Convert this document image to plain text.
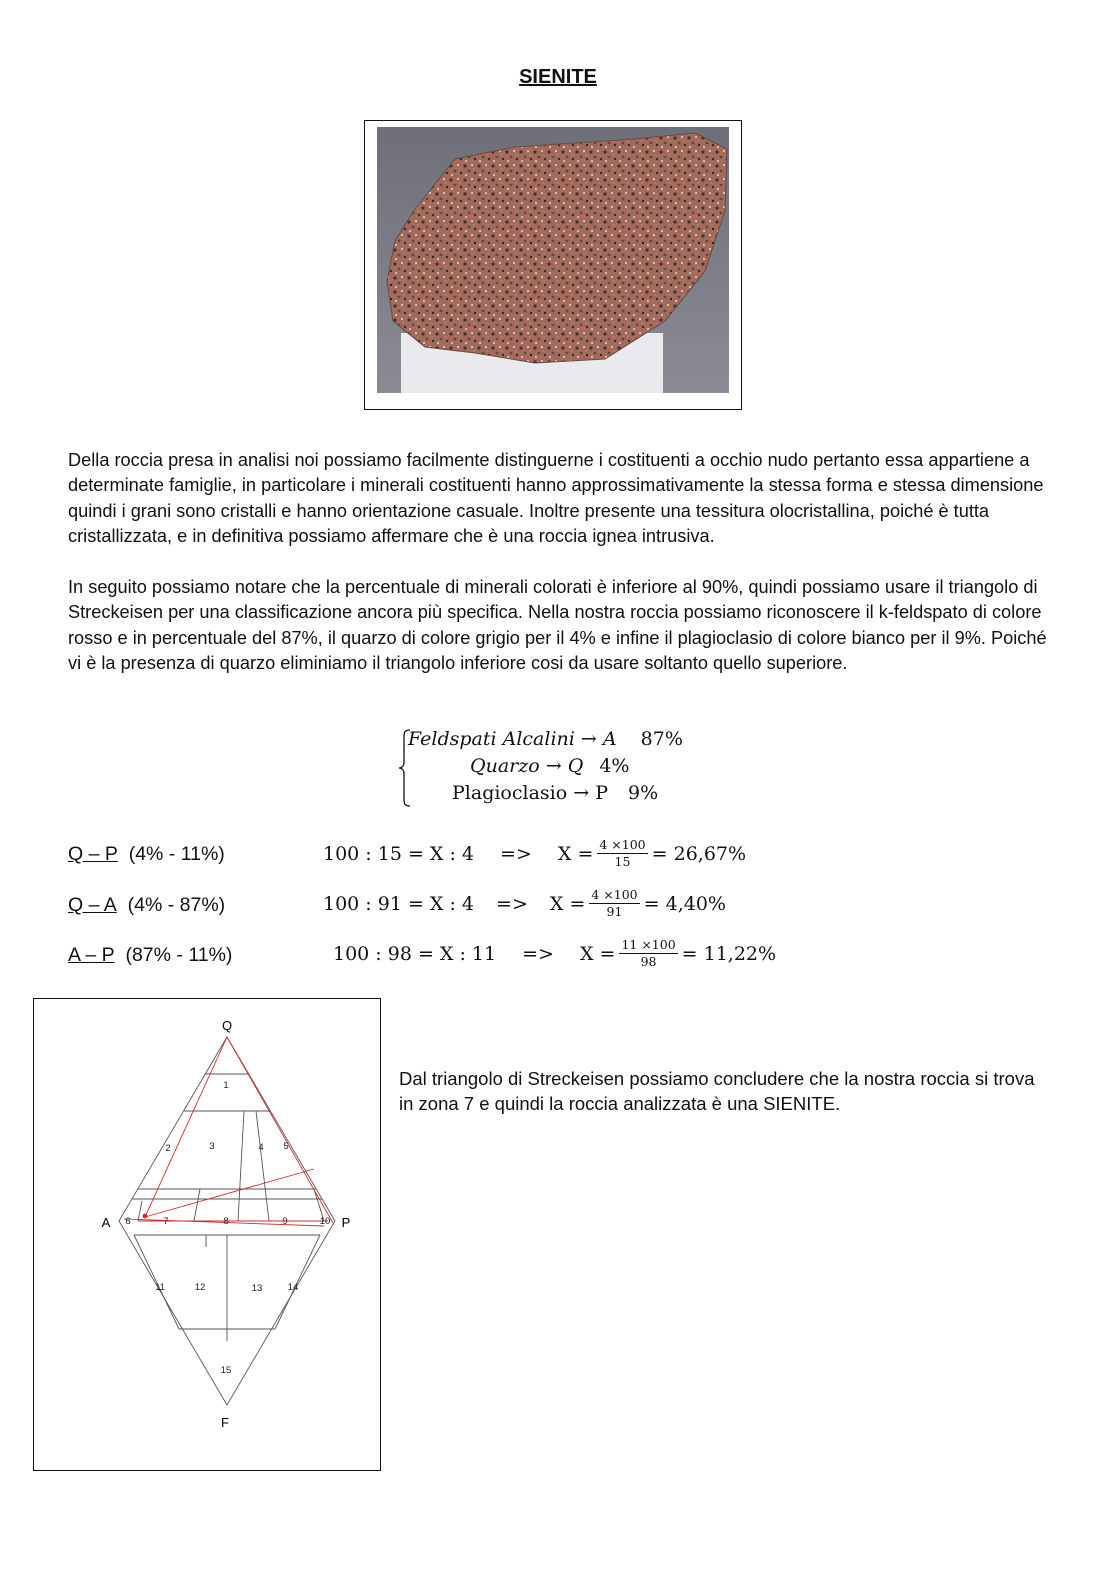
SIENITE
Della roccia presa in analisi noi possiamo facilmente distinguerne i costituenti a occhio nudo pertanto essa appartiene a determinate famiglie, in particolare i minerali costituenti hanno approssimativamente la stessa forma e stessa dimensione quindi i grani sono cristalli e hanno orientazione casuale. Inoltre presente una tessitura olocristallina, poiché è tutta cristallizzata, e in definitiva possiamo affermare che è una roccia ignea intrusiva.
In seguito possiamo notare che la percentuale di minerali colorati è inferiore al 90%, quindi possiamo usare il triangolo di Streckeisen per una classificazione ancora più specifica. Nella nostra roccia possiamo riconoscere il k-feldspato di colore rosso e in percentuale del 87%, il quarzo di colore grigio per il 4% e infine il plagioclasio di colore bianco per il 9%. Poiché vi è la presenza di quarzo eliminiamo il triangolo inferiore cosi da usare soltanto quello superiore.
Feldspati Alcalini → A 87%
Quarzo → Q 4%
Plagioclasio → P 9%
Q – P (4% - 11%)	100 : 15 = X : $4 => X = \frac{4 \times 100}{15} = 26,67\%$
Q – A (4% - 87%)	100 : 91 = X : $4 => X = \frac{4 \times 100}{91} = 4,40\%$
A – P (87% - 11%)	100 : 98 = X : $11 => X = \frac{11 \times 100}{98} = 11,22\%$
Q
A	P
F
1
2	3	4 5
6	7	8	9	10
11	12	13	14
15
Dal triangolo di Streckeisen possiamo concludere che la nostra roccia si trova in zona 7 e quindi la roccia analizzata è una SIENITE.
